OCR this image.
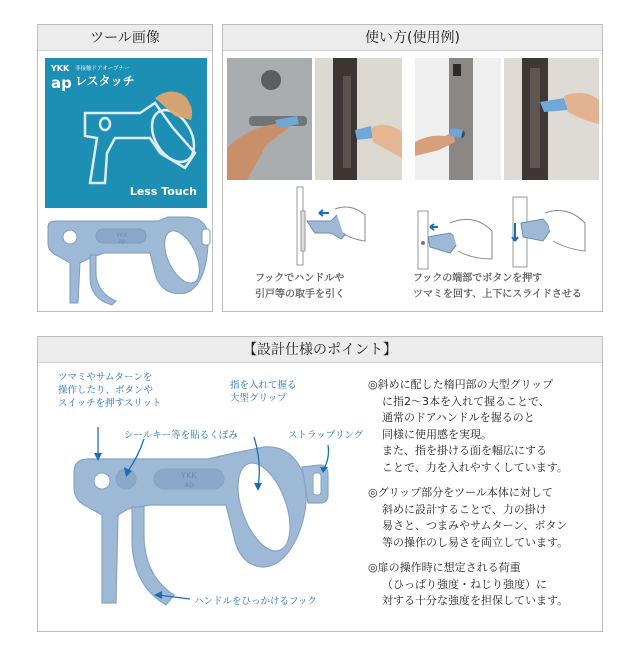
ツール画像
YKK
ap
非接触ドアオープナー
レスタッチ
Less Touch
YKK
ap
使い方(使用例)
フックでハンドルや
引戸等の取手を引く
フックの端部でボタンを押す
ツマミを回す、上下にスライドさせる
【設計仕様のポイント】
YKK
ap
ツマミやサムターンを
操作したり、ボタンや
スイッチを押すスリット
シールキー等を貼るくぼみ
指を入れて握る
大型グリップ
ストラップリング
ハンドルをひっかけるフック
◎斜めに配した楕円部の大型グリップ
に指2～3本を入れて握ることで、
通常のドアハンドルを握るのと
同様に使用感を実現。
また、指を掛ける面を幅広にする
ことで、力を入れやすくしています。
◎グリップ部分をツール本体に対して
斜めに設計することで、力の掛け
易さと、つまみやサムターン、ボタン
等の操作のし易さを両立しています。
◎扉の操作時に想定される荷重
（ひっぱり強度・ねじり強度）に
対する十分な強度を担保しています。
